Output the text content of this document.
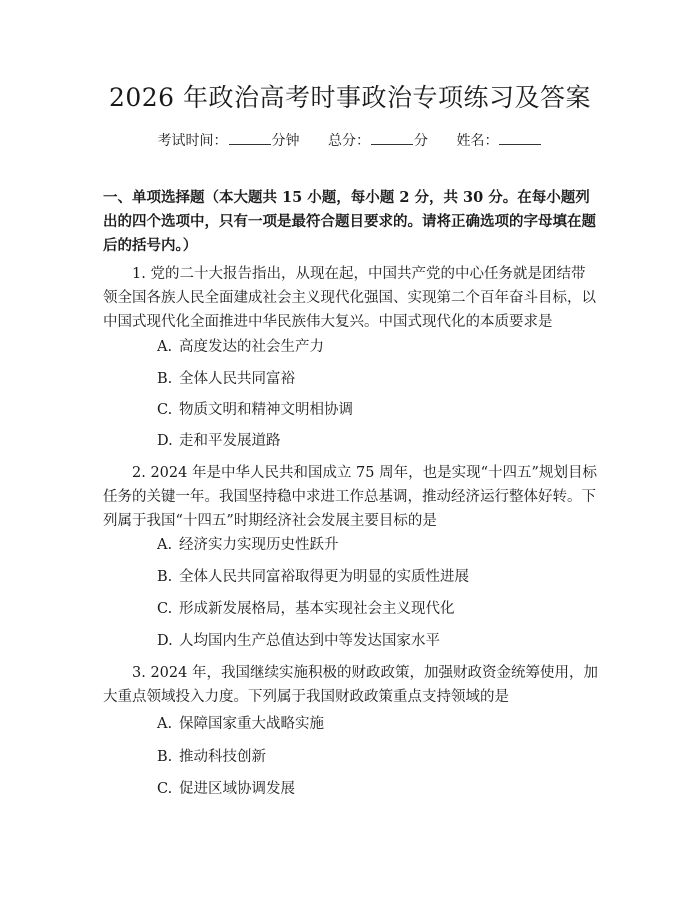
2026 年政治高考时事政治专项练习及答案
考试时间：	分钟 总分：	分 姓名：
一、单项选择题（本大题共 15 小题，每小题 2 分，共 30 分。在每小题列出的四个选项中，只有一项是最符合题目要求的。请将正确选项的字母填在题后的括号内。）
1. 党的二十大报告指出，从现在起，中国共产党的中心任务就是团结带领全国各族人民全面建成社会主义现代化强国、实现第二个百年奋斗目标，以中国式现代化全面推进中华民族伟大复兴。中国式现代化的本质要求是
A. 高度发达的社会生产力
B. 全体人民共同富裕
C. 物质文明和精神文明相协调
D. 走和平发展道路
2. 2024 年是中华人民共和国成立 75 周年，也是实现“十四五”规划目标任务的关键一年。我国坚持稳中求进工作总基调，推动经济运行整体好转。下列属于我国“十四五”时期经济社会发展主要目标的是
A. 经济实力实现历史性跃升
B. 全体人民共同富裕取得更为明显的实质性进展
C. 形成新发展格局，基本实现社会主义现代化
D. 人均国内生产总值达到中等发达国家水平
3. 2024 年，我国继续实施积极的财政政策，加强财政资金统筹使用，加大重点领域投入力度。下列属于我国财政政策重点支持领域的是
A. 保障国家重大战略实施
B. 推动科技创新
C. 促进区域协调发展
